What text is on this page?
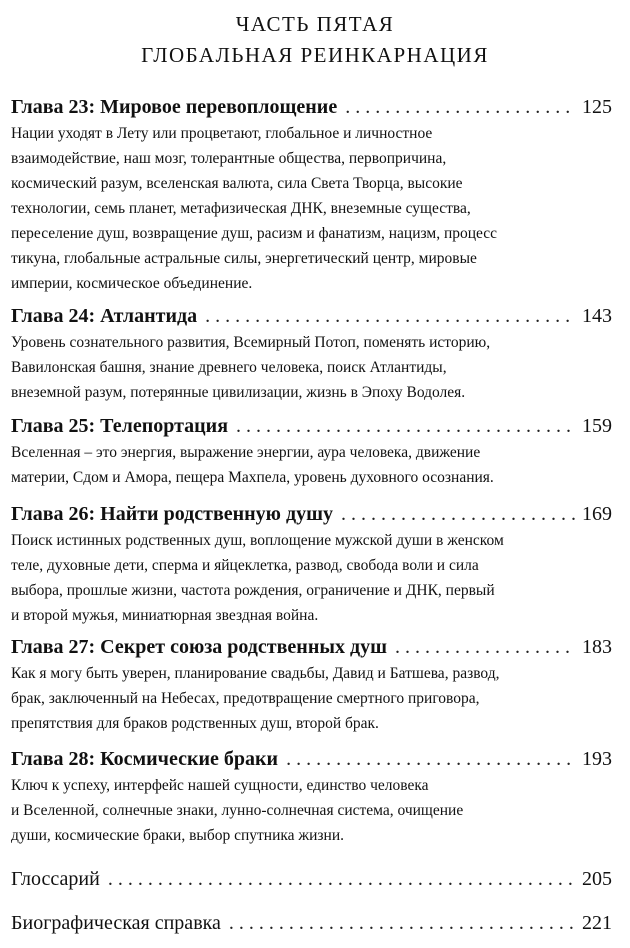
ЧАСТЬ ПЯТАЯ
ГЛОБАЛЬНАЯ РЕИНКАРНАЦИЯ
Глава 23: Мировое перевоплощение . . .	125
Нации уходят в Лету или процветают, глобальное и личностное
взаимодействие, наш мозг, толерантные общества, первопричина,
космический разум, вселенская валюта, сила Света Творца, высокие
технологии, семь планет, метафизическая ДНК, внеземные существа,
переселение душ, возвращение душ, расизм и фанатизм, нацизм, процесс
тикуна, глобальные астральные силы, энергетический центр, мировые
империи, космическое объединение.
Глава 24: Атлантида . . .	143
Уровень сознательного развития, Всемирный Потоп, поменять историю,
Вавилонская башня, знание древнего человека, поиск Атлантиды,
внеземной разум, потерянные цивилизации, жизнь в Эпоху Водолея.
Глава 25: Телепортация . . .	159
Вселенная – это энергия, выражение энергии, аура человека, движение
материи, Сдом и Амора, пещера Махпела, уровень духовного осознания.
Глава 26: Найти родственную душу . . .	169
Поиск истинных родственных душ, воплощение мужской души в женском
теле, духовные дети, сперма и яйцеклетка, развод, свобода воли и сила
выбора, прошлые жизни, частота рождения, ограничение и ДНК, первый
и второй мужья, миниатюрная звездная война.
Глава 27: Секрет союза родственных душ . . .	183
Как я могу быть уверен, планирование свадьбы, Давид и Батшева, развод,
брак, заключенный на Небесах, предотвращение смертного приговора,
препятствия для браков родственных душ, второй брак.
Глава 28: Космические браки . . .	193
Ключ к успеху, интерфейс нашей сущности, единство человека
и Вселенной, солнечные знаки, лунно-солнечная система, очищение
души, космические браки, выбор спутника жизни.
Глоссарий . . .	205
Биографическая справка . . .	221
